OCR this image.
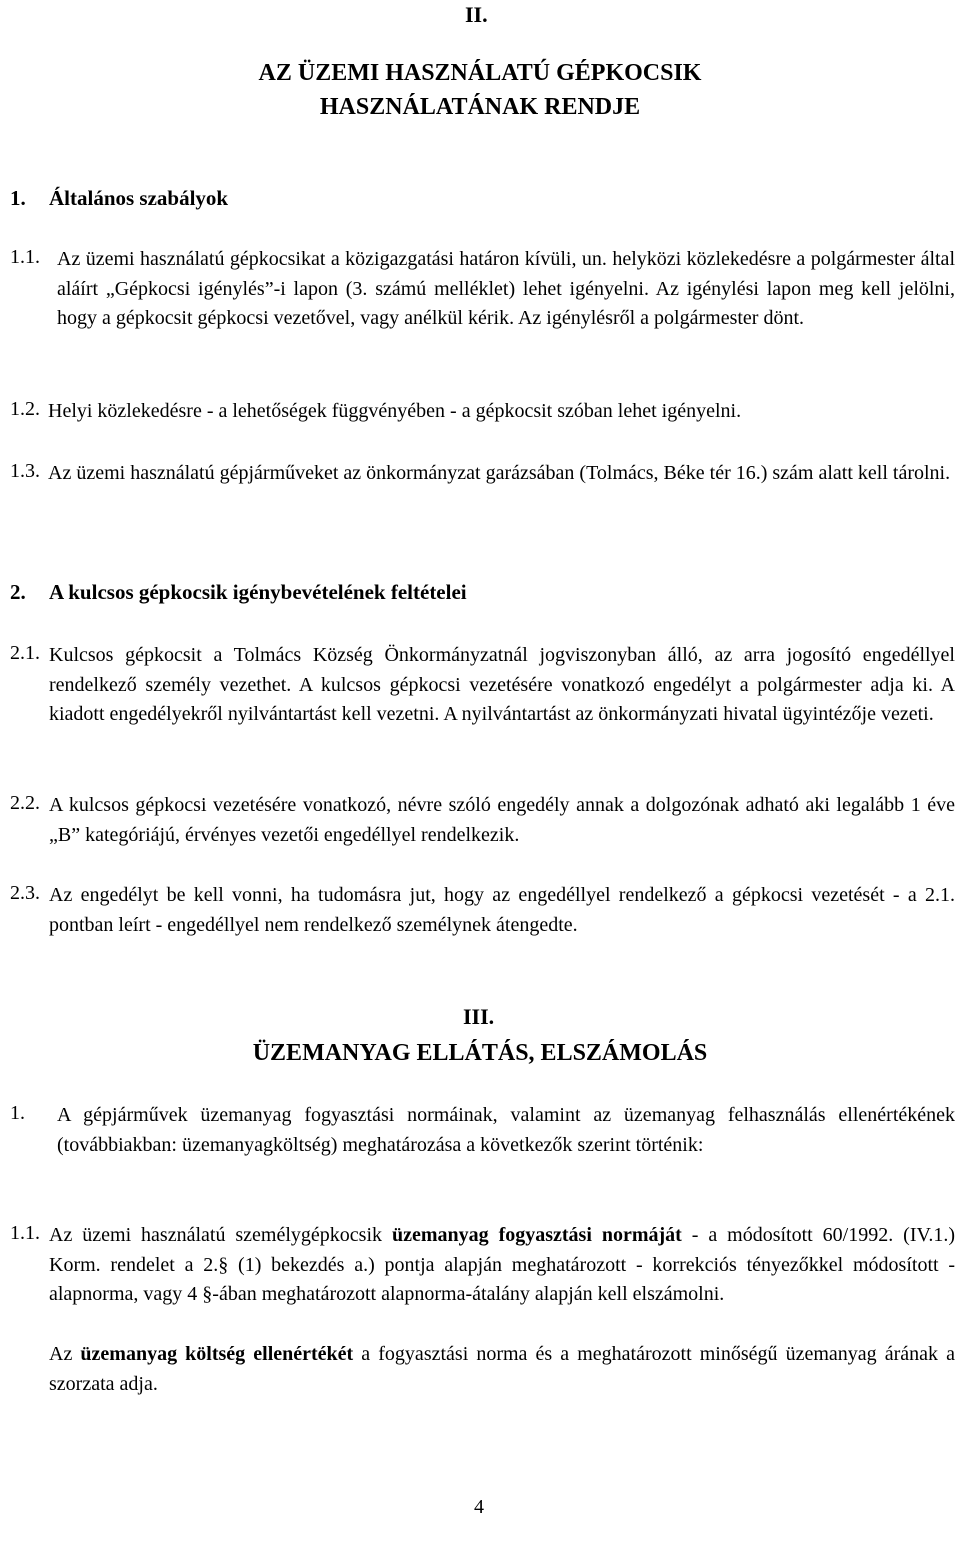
II.
AZ ÜZEMI HASZNÁLATÚ GÉPKOCSIK
HASZNÁLATÁNAK RENDJE
1. Általános szabályok
1.1. Az üzemi használatú gépkocsikat a közigazgatási határon kívüli, un. helyközi közlekedésre a polgármester által aláírt „Gépkocsi igénylés”-i lapon (3. számú melléklet) lehet igényelni. Az igénylési lapon meg kell jelölni, hogy a gépkocsit gépkocsi vezetővel, vagy anélkül kérik. Az igénylésről a polgármester dönt.
1.2. Helyi közlekedésre - a lehetőségek függvényében - a gépkocsit szóban lehet igényelni.
1.3. Az üzemi használatú gépjárműveket az önkormányzat garázsában (Tolmács, Béke tér 16.) szám alatt kell tárolni.
2. A kulcsos gépkocsik igénybevételének feltételei
2.1. Kulcsos gépkocsit a Tolmács Község Önkormányzatnál jogviszonyban álló, az arra jogosító engedéllyel rendelkező személy vezethet. A kulcsos gépkocsi vezetésére vonatkozó engedélyt a polgármester adja ki. A kiadott engedélyekről nyilvántartást kell vezetni. A nyilvántartást az önkormányzati hivatal ügyintézője vezeti.
2.2. A kulcsos gépkocsi vezetésére vonatkozó, névre szóló engedély annak a dolgozónak adható aki legalább 1 éve „B” kategóriájú, érvényes vezetői engedéllyel rendelkezik.
2.3. Az engedélyt be kell vonni, ha tudomásra jut, hogy az engedéllyel rendelkező a gépkocsi vezetését - a 2.1. pontban leírt - engedéllyel nem rendelkező személynek átengedte.
III.
ÜZEMANYAG ELLÁTÁS, ELSZÁMOLÁS
1. A gépjárművek üzemanyag fogyasztási normáinak, valamint az üzemanyag felhasználás ellenértékének (továbbiakban: üzemanyagköltség) meghatározása a következők szerint történik:
1.1. Az üzemi használatú személygépkocsik üzemanyag fogyasztási normáját - a módosított 60/1992. (IV.1.) Korm. rendelet a 2.§ (1) bekezdés a.) pontja alapján meghatározott - korrekciós tényezőkkel módosított - alapnorma, vagy 4 §-ában meghatározott alapnorma-átalány alapján kell elszámolni.
Az üzemanyag költség ellenértékét a fogyasztási norma és a meghatározott minőségű üzemanyag árának a szorzata adja.
4
